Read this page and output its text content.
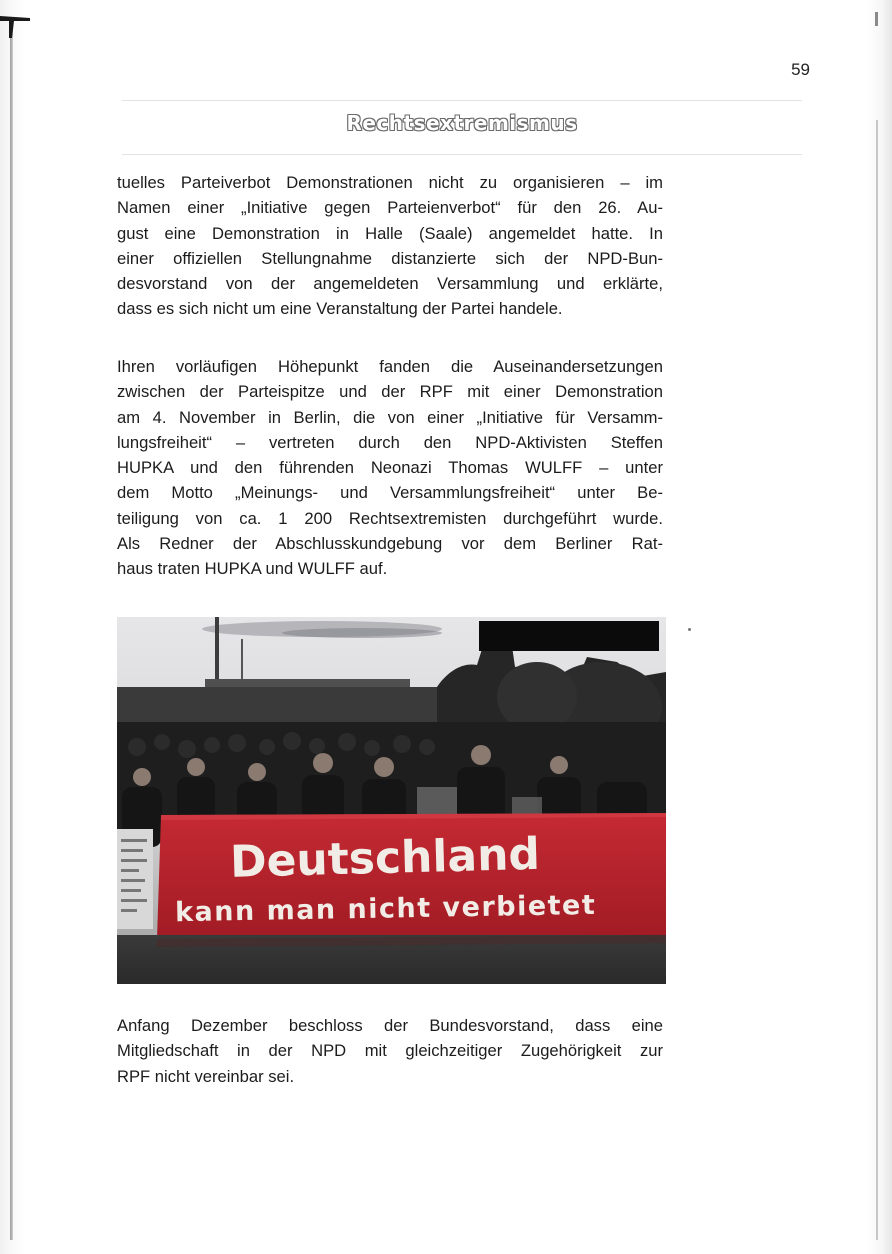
59
Rechtsextremismus

tuelles Parteiverbot Demonstrationen nicht zu organisieren – im
Namen einer „Initiative gegen Parteienverbot“ für den 26. Au-
gust eine Demonstration in Halle (Saale) angemeldet hatte. In
einer offiziellen Stellungnahme distanzierte sich der NPD-Bun-
desvorstand von der angemeldeten Versammlung und erklärte,
dass es sich nicht um eine Veranstaltung der Partei handele.

Ihren vorläufigen Höhepunkt fanden die Auseinandersetzungen
zwischen der Parteispitze und der RPF mit einer Demonstration
am 4. November in Berlin, die von einer „Initiative für Versamm-
lungsfreiheit“ – vertreten durch den NPD-Aktivisten Steffen
HUPKA und den führenden Neonazi Thomas WULFF – unter
dem Motto „Meinungs- und Versammlungsfreiheit“ unter Be-
teiligung von ca. 1 200 Rechtsextremisten durchgeführt wurde.
Als Redner der Abschlusskundgebung vor dem Berliner Rat-
haus traten HUPKA und WULFF auf.

Deutschland
kann man nicht verbietet

Anfang Dezember beschloss der Bundesvorstand, dass eine
Mitgliedschaft in der NPD mit gleichzeitiger Zugehörigkeit zur
RPF nicht vereinbar sei.
